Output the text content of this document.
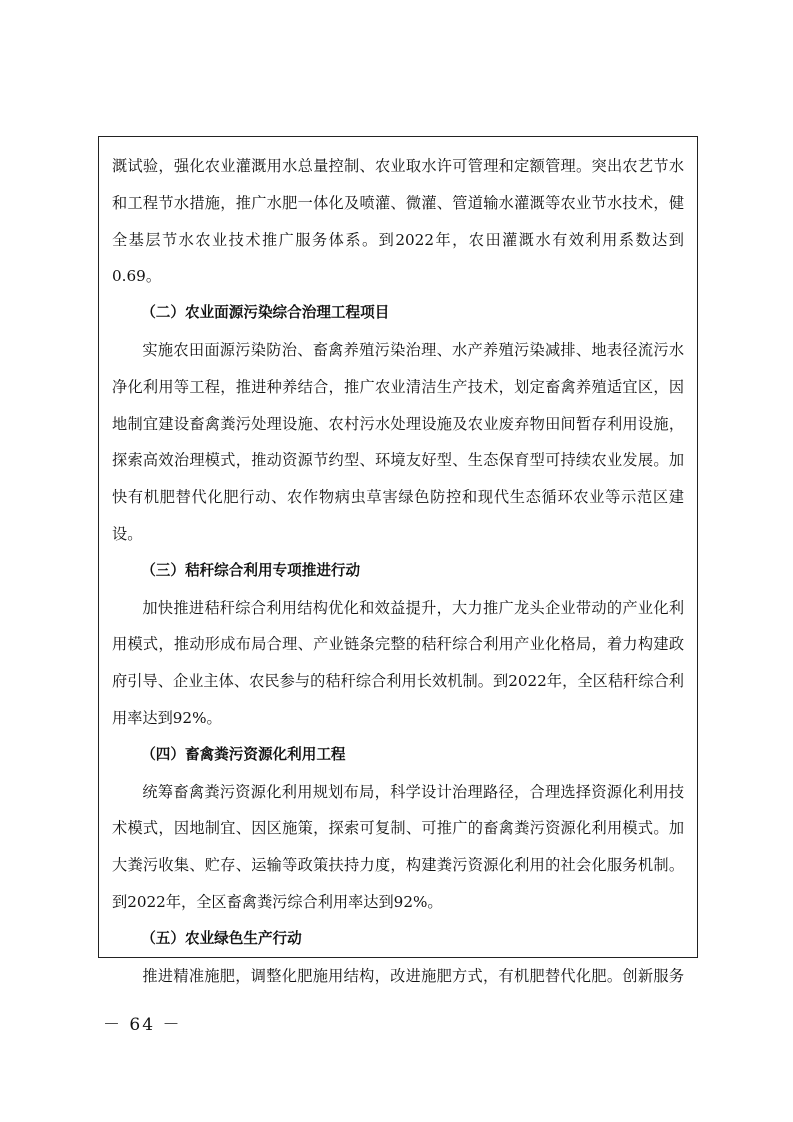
溉试验，强化农业灌溉用水总量控制、农业取水许可管理和定额管理。突出农艺节水和工程节水措施，推广水肥一体化及喷灌、微灌、管道输水灌溉等农业节水技术，健全基层节水农业技术推广服务体系。到2022年，农田灌溉水有效利用系数达到0.69。

（二）农业面源污染综合治理工程项目

实施农田面源污染防治、畜禽养殖污染治理、水产养殖污染减排、地表径流污水净化利用等工程，推进种养结合，推广农业清洁生产技术，划定畜禽养殖适宜区，因地制宜建设畜禽粪污处理设施、农村污水处理设施及农业废弃物田间暂存利用设施，探索高效治理模式，推动资源节约型、环境友好型、生态保育型可持续农业发展。加快有机肥替代化肥行动、农作物病虫草害绿色防控和现代生态循环农业等示范区建设。

（三）秸秆综合利用专项推进行动

加快推进秸秆综合利用结构优化和效益提升，大力推广龙头企业带动的产业化利用模式，推动形成布局合理、产业链条完整的秸秆综合利用产业化格局，着力构建政府引导、企业主体、农民参与的秸秆综合利用长效机制。到2022年，全区秸秆综合利用率达到92%。

（四）畜禽粪污资源化利用工程

统筹畜禽粪污资源化利用规划布局，科学设计治理路径，合理选择资源化利用技术模式，因地制宜、因区施策，探索可复制、可推广的畜禽粪污资源化利用模式。加大粪污收集、贮存、运输等政策扶持力度，构建粪污资源化利用的社会化服务机制。到2022年，全区畜禽粪污综合利用率达到92%。

（五）农业绿色生产行动

推进精准施肥，调整化肥施用结构，改进施肥方式，有机肥替代化肥。创新服务

－ 64 －
